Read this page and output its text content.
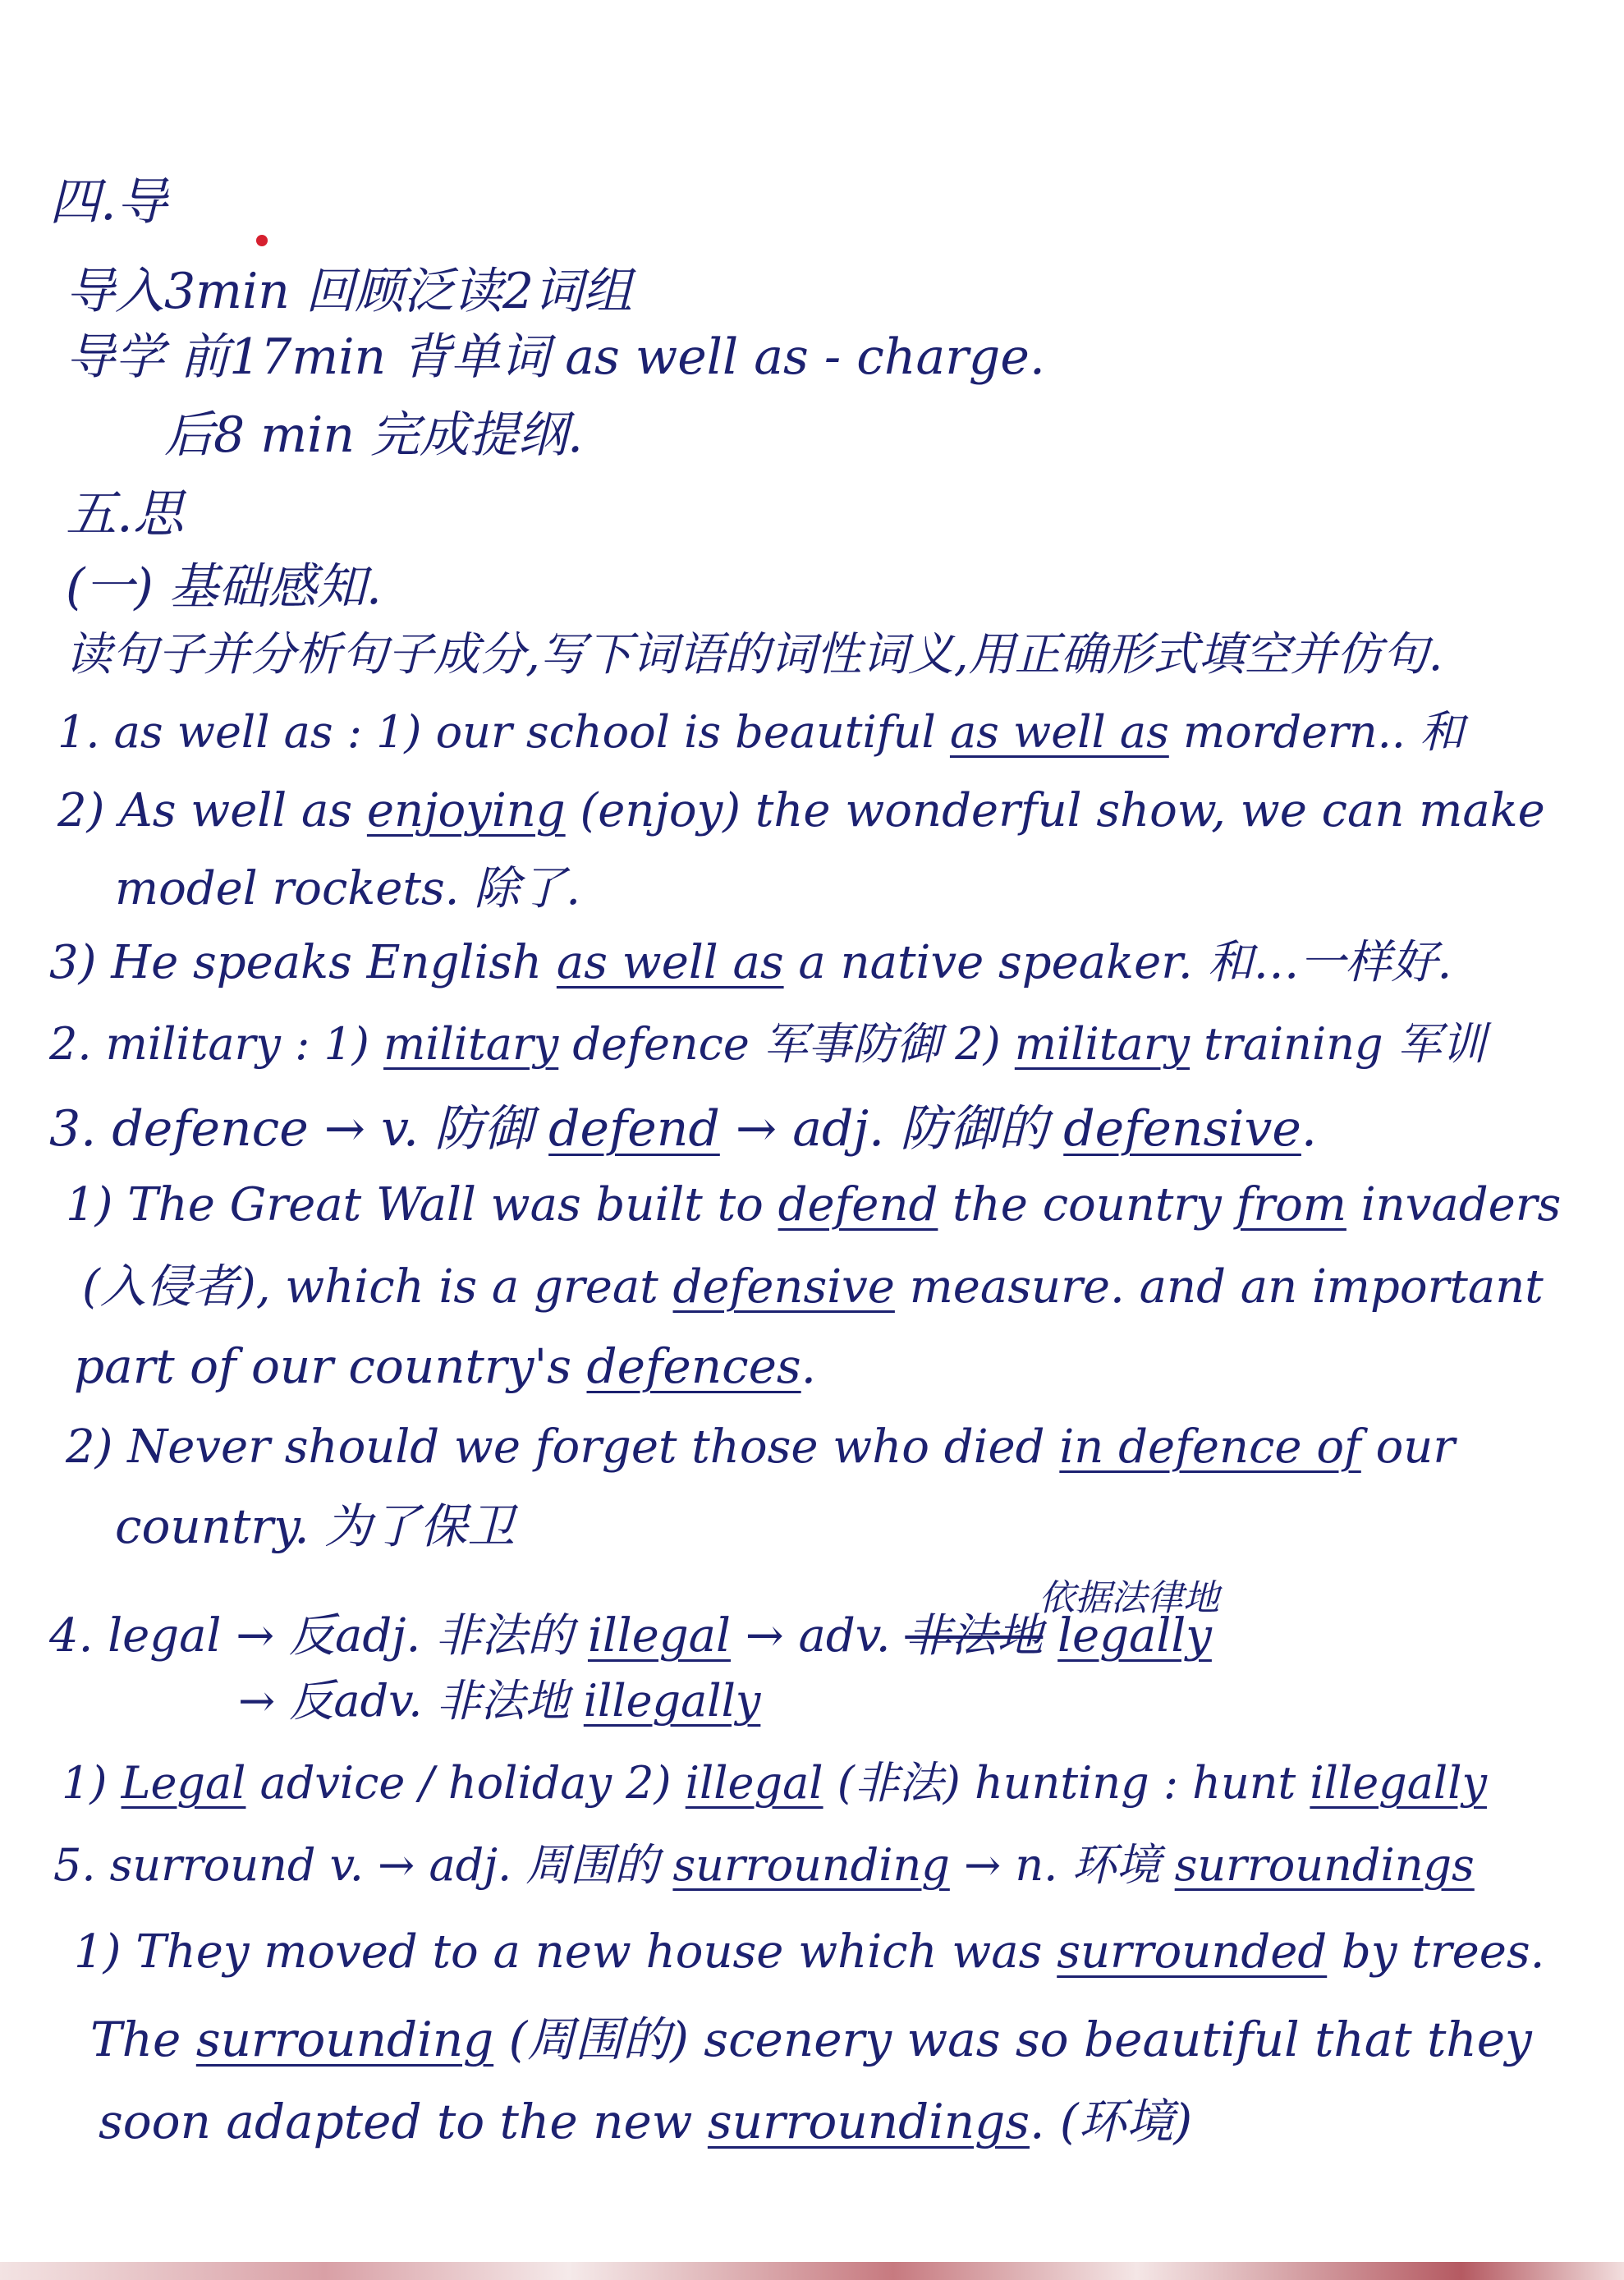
四.导
导入3min 回顾泛读2词组
导学 前17min 背单词 as well as - charge.
后8 min 完成提纲.
五.思
(一) 基础感知.
读句子并分析句子成分,写下词语的词性词义,用正确形式填空并仿句.
1. as well as : 1) our school is beautiful as well as mordern.. 和
2) As well as enjoying (enjoy) the wonderful show, we can make
model rockets. 除了.
3) He speaks English as well as a native speaker. 和…一样好.
2. military : 1) military defence 军事防御 2) military training 军训
3. defence → v. 防御 defend → adj. 防御的 defensive.
1) The Great Wall was built to defend the country from invaders
(入侵者), which is a great defensive measure. and an important
part of our country's defences.
2) Never should we forget those who died in defence of our
country. 为了保卫
依据法律地
4. legal → 反adj. 非法的 illegal → adv. 非法地 legally
→ 反adv. 非法地 illegally
1) Legal advice / holiday 2) illegal (非法) hunting : hunt illegally
5. surround v. → adj. 周围的 surrounding → n. 环境 surroundings
1) They moved to a new house which was surrounded by trees.
The surrounding (周围的) scenery was so beautiful that they
soon adapted to the new surroundings. (环境)
